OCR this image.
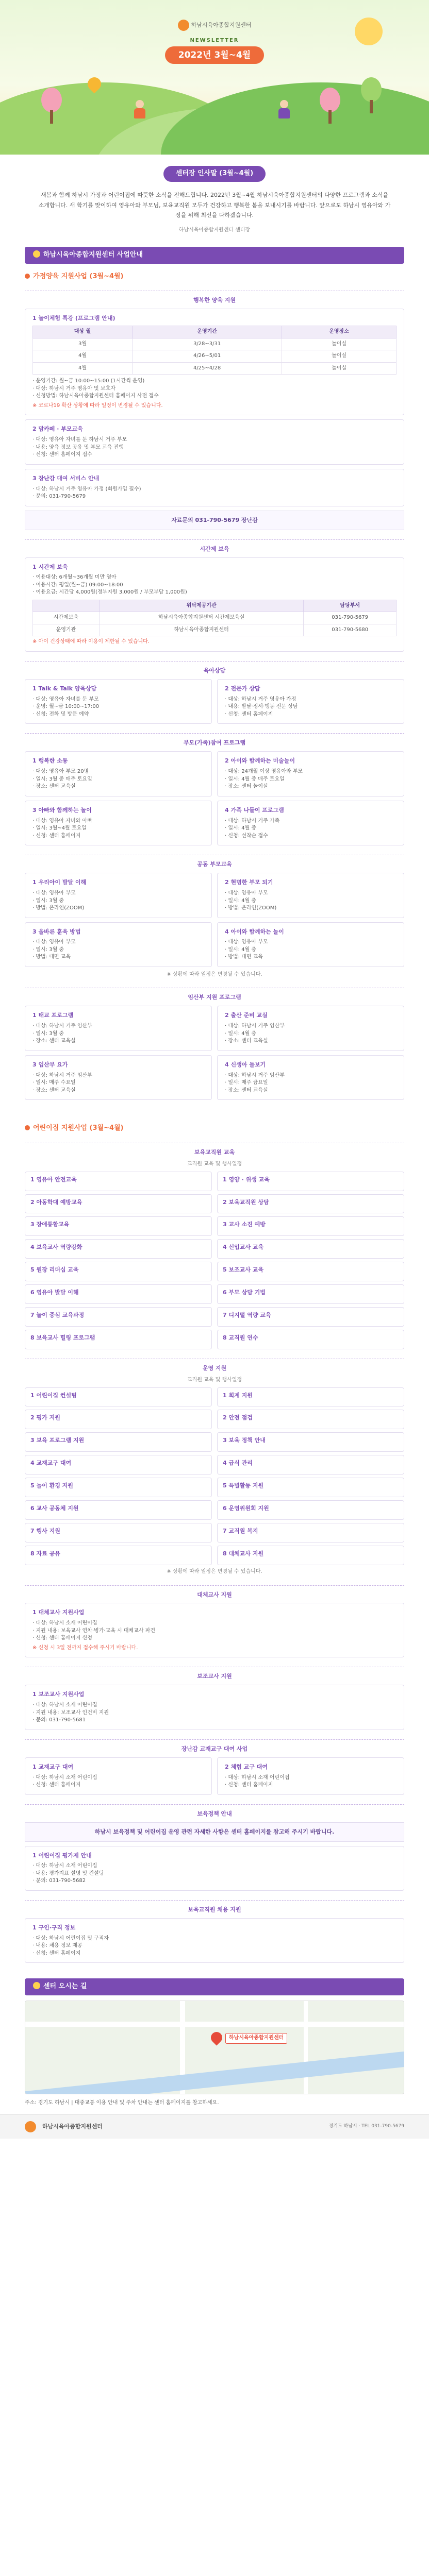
하남시육아종합지원센터
NEWSLETTER
2022년 3월~4월
센터장 인사말 (3월~4월)
새봄과 함께 하남시 가정과 어린이집에 따뜻한 소식을 전해드립니다. 2022년 3월~4월 하남시육아종합지원센터의 다양한 프로그램과 소식을 소개합니다. 새 학기를 맞이하여 영유아와 부모님, 보육교직원 모두가 건강하고 행복한 봄을 보내시기를 바랍니다. 앞으로도 하남시 영유아와 가정을 위해 최선을 다하겠습니다.
하남시육아종합지원센터 센터장
하남시육아종합지원센터 사업안내
가정양육 지원사업 (3월~4월)
행복한 양육 지원
1 놀이체험 특강 (프로그램 안내)
대상 월	운영기간	운영장소
3월	3/28~3/31	놀이실
4월	4/26~5/01	놀이실
4월	4/25~4/28	놀이실
· 운영기간: 월~금 10:00~15:00 (1시간씩 운영)
· 대상: 하남시 거주 영유아 및 보호자
· 신청방법: 하남시육아종합지원센터 홈페이지 사전 접수
※ 코로나19 확산 상황에 따라 일정이 변경될 수 있습니다.
2 맘카페 · 부모교육
· 대상: 영유아 자녀를 둔 하남시 거주 부모
· 내용: 양육 정보 공유 및 부모 교육 진행
· 신청: 센터 홈페이지 접수
3 장난감 대여 서비스 안내
· 대상: 하남시 거주 영유아 가정 (회원가입 필수)
· 문의: 031-790-5679
자료문의 031-790-5679 장난감
시간제 보육
1 시간제 보육
· 이용대상: 6개월~36개월 미만 영아
· 이용시간: 평일(월~금) 09:00~18:00
· 이용요금: 시간당 4,000원(정부지원 3,000원 / 부모부담 1,000원)
	위탁제공기관	담당부서
시간제보육	하남시육아종합지원센터 시간제보육실	031-790-5679
운영기관	하남시육아종합지원센터	031-790-5680
※ 아이 건강상태에 따라 이용이 제한될 수 있습니다.
육아상담
1 Talk & Talk 양육상담
· 대상: 영유아 자녀를 둔 부모
· 운영: 월~금 10:00~17:00
· 신청: 전화 및 방문 예약
2 전문가 상담
· 대상: 하남시 거주 영유아 가정
· 내용: 발달·정서·행동 전문 상담
· 신청: 센터 홈페이지
부모(가족)참여 프로그램
1 행복한 소통
· 대상: 영유아 부모 20명
· 일시: 3월 중 매주 토요일
· 장소: 센터 교육실
2 아이와 함께하는 미술놀이
· 대상: 24개월 이상 영유아와 부모
· 일시: 4월 중 매주 토요일
· 장소: 센터 놀이실
3 아빠와 함께하는 놀이
· 대상: 영유아 자녀와 아빠
· 일시: 3월~4월 토요일
· 신청: 센터 홈페이지
4 가족 나들이 프로그램
· 대상: 하남시 거주 가족
· 일시: 4월 중
· 신청: 선착순 접수
공동 부모교육
1 우리아이 발달 이해
· 대상: 영유아 부모
· 일시: 3월 중
· 방법: 온라인(ZOOM)
2 현명한 부모 되기
· 대상: 영유아 부모
· 일시: 4월 중
· 방법: 온라인(ZOOM)
3 올바른 훈육 방법
· 대상: 영유아 부모
· 일시: 3월 중
· 방법: 대면 교육
4 아이와 함께하는 놀이
· 대상: 영유아 부모
· 일시: 4월 중
· 방법: 대면 교육
※ 상황에 따라 일정은 변경될 수 있습니다.
임산부 지원 프로그램
1 태교 프로그램
· 대상: 하남시 거주 임산부
· 일시: 3월 중
· 장소: 센터 교육실
2 출산 준비 교실
· 대상: 하남시 거주 임산부
· 일시: 4월 중
· 장소: 센터 교육실
3 임산부 요가
· 대상: 하남시 거주 임산부
· 일시: 매주 수요일
· 장소: 센터 교육실
4 신생아 돌보기
· 대상: 하남시 거주 임산부
· 일시: 매주 금요일
· 장소: 센터 교육실
어린이집 지원사업 (3월~4월)
보육교직원 교육
교직원 교육 및 행사일정
1 영유아 안전교육	1 영양 · 위생 교육
2 아동학대 예방교육	2 보육교직원 상담
3 장애통합교육	3 교사 소진 예방
4 보육교사 역량강화	4 신입교사 교육
5 원장 리더십 교육	5 보조교사 교육
6 영유아 발달 이해	6 부모 상담 기법
7 놀이 중심 교육과정	7 디지털 역량 교육
8 보육교사 힐링 프로그램	8 교직원 연수
운영 지원
교직원 교육 및 행사일정
1 어린이집 컨설팅	1 회계 지원
2 평가 지원	2 안전 점검
3 보육 프로그램 지원	3 보육 정책 안내
4 교재교구 대여	4 급식 관리
5 놀이 환경 지원	5 특별활동 지원
6 교사 공동체 지원	6 운영위원회 지원
7 행사 지원	7 교직원 복지
8 자료 공유	8 대체교사 지원
※ 상황에 따라 일정은 변경될 수 있습니다.
대체교사 지원
1 대체교사 지원사업
· 대상: 하남시 소재 어린이집
· 지원 내용: 보육교사 연차·병가·교육 시 대체교사 파견
· 신청: 센터 홈페이지 신청
※ 신청 시 3일 전까지 접수해 주시기 바랍니다.
보조교사 지원
1 보조교사 지원사업
· 대상: 하남시 소재 어린이집
· 지원 내용: 보조교사 인건비 지원
· 문의: 031-790-5681
장난감 교재교구 대여 사업
1 교재교구 대여
· 대상: 하남시 소재 어린이집
· 신청: 센터 홈페이지
2 체험 교구 대여
· 대상: 하남시 소재 어린이집
· 신청: 센터 홈페이지
보육정책 안내
하남시 보육정책 및 어린이집 운영 관련 자세한 사항은 센터 홈페이지를 참고해 주시기 바랍니다.
1 어린이집 평가제 안내
· 대상: 하남시 소재 어린이집
· 내용: 평가지표 설명 및 컨설팅
· 문의: 031-790-5682
보육교직원 채용 지원
1 구인·구직 정보
· 대상: 하남시 어린이집 및 구직자
· 내용: 채용 정보 제공
· 신청: 센터 홈페이지
센터 오시는 길
하남시육아종합지원센터
주소: 경기도 하남시 | 대중교통 이용 안내 및 주차 안내는 센터 홈페이지를 참고하세요.
하남시육아종합지원센터	경기도 하남시 · TEL 031-790-5679
